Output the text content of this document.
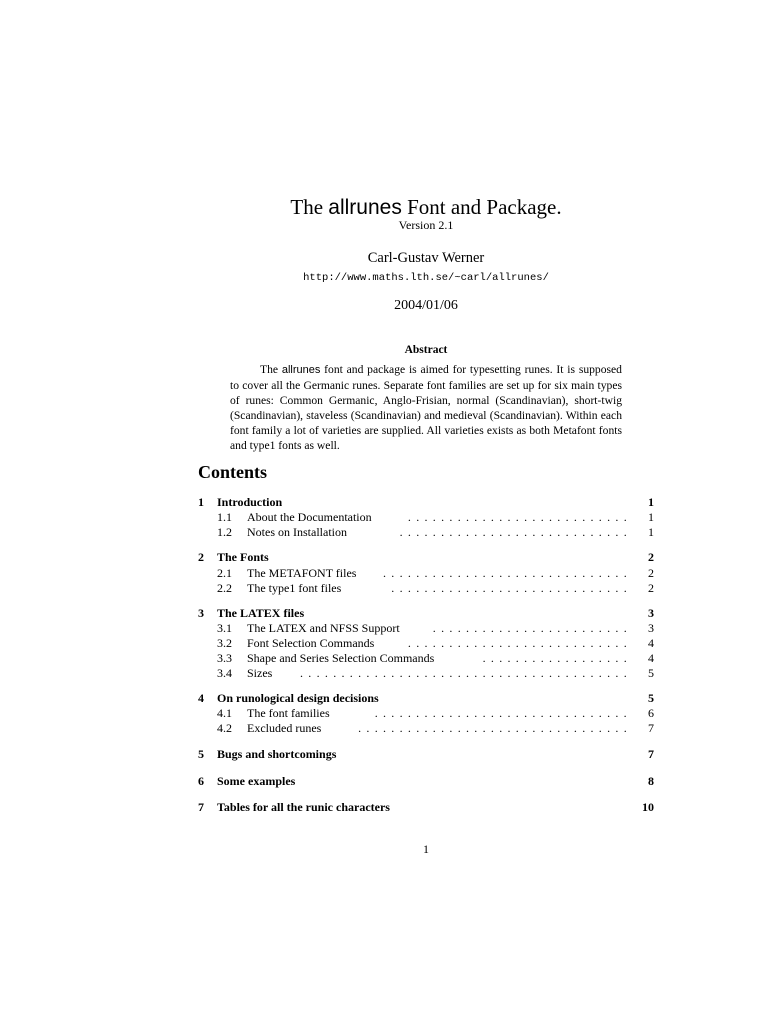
The allrunes Font and Package.
Version 2.1
Carl-Gustav Werner
http://www.maths.lth.se/~carl/allrunes/
2004/01/06
Abstract
The allrunes font and package is aimed for typesetting runes. It is supposed to cover all the Germanic runes. Separate font families are set up for six main types of runes: Common Germanic, Anglo-Frisian, normal (Scandinavian), short-twig (Scandinavian), staveless (Scandinavian) and medieval (Scandinavian). Within each font family a lot of varieties are supplied. All varieties exists as both Metafont fonts and type1 fonts as well.
Contents
1 Introduction	1
1.1 About the Documentation	........................... 1
1.2 Notes on Installation	............................ 1
2 The Fonts	2
2.1 The METAFONT files	.............................. 2
2.2 The type1 font files	............................. 2
3 The LATEX files	3
3.1 The LATEX and NFSS Support	........................ 3
3.2 Font Selection Commands	........................... 4
3.3 Shape and Series Selection Commands	.................. 4
3.4 Sizes	........................................ 5
4 On runological design decisions	5
4.1 The font families	............................... 6
4.2 Excluded runes	................................. 7
5 Bugs and shortcomings	7
6 Some examples	8
7 Tables for all the runic characters	10
1
